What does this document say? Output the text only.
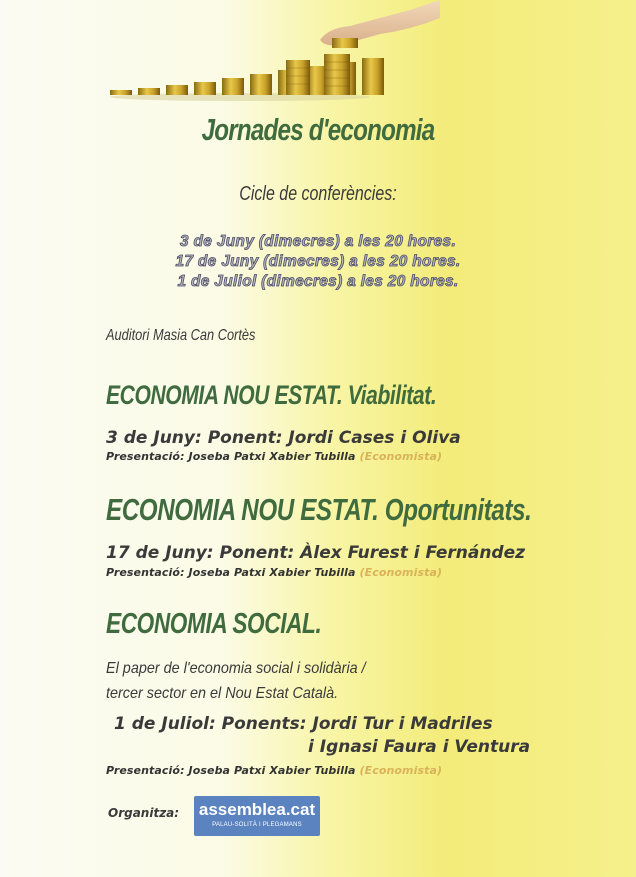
Jornades d'economia
Cicle de conferències:
3 de Juny (dimecres) a les 20 hores.
17 de Juny (dimecres) a les 20 hores.
1 de Juliol (dimecres) a les 20 hores.
Auditori Masia Can Cortès
ECONOMIA NOU ESTAT. Viabilitat.
3 de Juny: Ponent: Jordi Cases i Oliva
Presentació: Joseba Patxi Xabier Tubilla (Economista)
ECONOMIA NOU ESTAT. Oportunitats.
17 de Juny: Ponent: Àlex Furest i Fernández
Presentació: Joseba Patxi Xabier Tubilla (Economista)
ECONOMIA SOCIAL.
El paper de l'economia social i solidària /
tercer sector en el Nou Estat Català.
1 de Juliol: Ponents: Jordi Tur i Madriles
i Ignasi Faura i Ventura
Presentació: Joseba Patxi Xabier Tubilla (Economista)
Organitza: assemblea.cat
PALAU-SOLITÀ I PLEGAMANS
